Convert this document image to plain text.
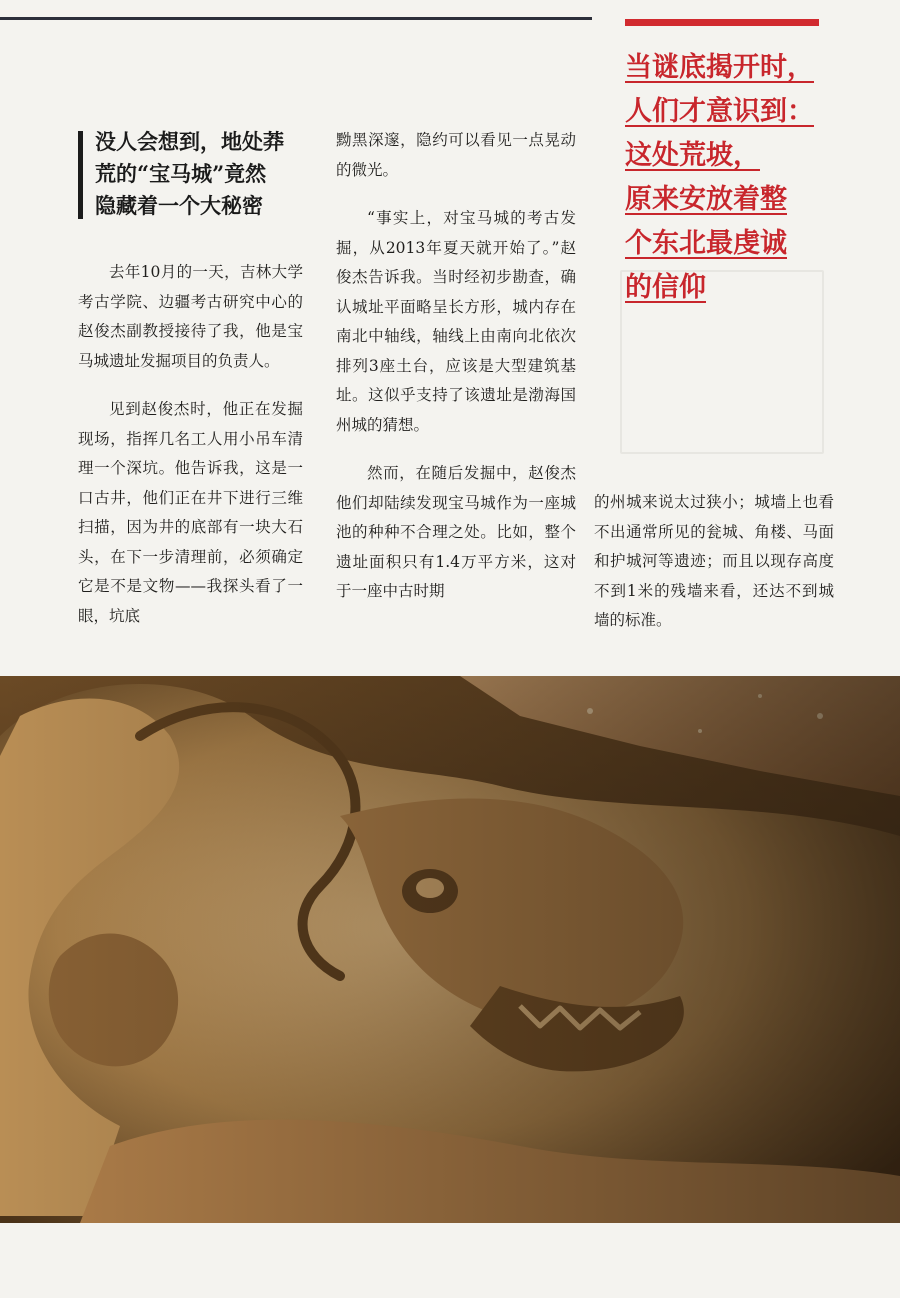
当谜底揭开时，
人们才意识到：
这处荒坡，
原来安放着整
个东北最虔诚
的信仰
没人会想到，地处莽
荒的“宝马城”竟然
隐藏着一个大秘密

去年10月的一天，吉林大学考古学院、边疆考古研究中心的赵俊杰副教授接待了我，他是宝马城遗址发掘项目的负责人。

见到赵俊杰时，他正在发掘现场，指挥几名工人用小吊车清理一个深坑。他告诉我，这是一口古井，他们正在井下进行三维扫描，因为井的底部有一块大石头，在下一步清理前，必须确定它是不是文物——我探头看了一眼，坑底

黝黑深邃，隐约可以看见一点晃动的微光。

“事实上，对宝马城的考古发掘，从2013年夏天就开始了。”赵俊杰告诉我。当时经初步勘查，确认城址平面略呈长方形，城内存在南北中轴线，轴线上由南向北依次排列3座土台，应该是大型建筑基址。这似乎支持了该遗址是渤海国州城的猜想。

然而，在随后发掘中，赵俊杰他们却陆续发现宝马城作为一座城池的种种不合理之处。比如，整个遗址面积只有1.4万平方米，这对于一座中古时期

的州城来说太过狭小；城墙上也看不出通常所见的瓮城、角楼、马面和护城河等遗迹；而且以现存高度不到1米的残墙来看，还达不到城墙的标准。
